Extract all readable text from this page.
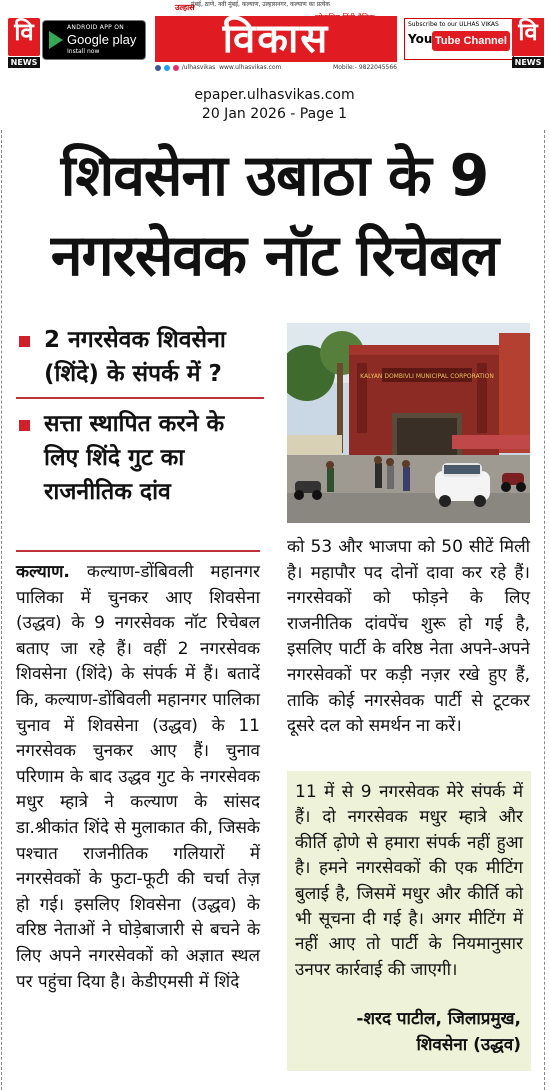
वि
NEWS
ANDROID APP ON
Google play
Install now
उल्हास
मुंबई, ठाणे, नवी मुंबई, कल्याण, उल्हासनगर, कल्याण का प्रत्येक
विकास
/ulhasvikas www.ulhasvikas.com	Mobile:- 9822045566
Subscribe to our ULHAS VIKAS
You Tube Channel वि
NEWS
epaper.ulhasvikas.com
20 Jan 2026 - Page 1
शिवसेना उबाठा के 9
नगरसेवक नॉट रिचेबल
2 नगरसेवक शिवसेना (शिंदे) के संपर्क में ?
सत्ता स्थापित करने के लिए शिंदे गुट का राजनीतिक दांव
KALYAN DOMBIVLI MUNICIPAL CORPORATION
कल्याण. कल्याण-डोंबिवली महानगर पालिका में चुनकर आए शिवसेना (उद्धव) के 9 नगरसेवक नॉट रिचेबल बताए जा रहे हैं। वहीं 2 नगरसेवक शिवसेना (शिंदे) के संपर्क में हैं। बतादें कि, कल्याण-डोंबिवली महानगर पालिका चुनाव में शिवसेना (उद्धव) के 11 नगरसेवक चुनकर आए हैं। चुनाव परिणाम के बाद उद्धव गुट के नगरसेवक मधुर म्हात्रे ने कल्याण के सांसद डा.श्रीकांत शिंदे से मुलाकात की, जिसके पश्चात राजनीतिक गलियारों में नगरसेवकों के फुटा-फूटी की चर्चा तेज़ हो गई। इसलिए शिवसेना (उद्धव) के वरिष्ठ नेताओं ने घोड़ेबाजारी से बचने के लिए अपने नगरसेवकों को अज्ञात स्थल पर पहुंचा दिया है। केडीएमसी में शिंदे
को 53 और भाजपा को 50 सीटें मिली है। महापौर पद दोनों दावा कर रहे हैं। नगरसेवकों को फोड़ने के लिए राजनीतिक दांवपेंच शुरू हो गई है, इसलिए पार्टी के वरिष्ठ नेता अपने-अपने नगरसेवकों पर कड़ी नज़र रखे हुए हैं, ताकि कोई नगरसेवक पार्टी से टूटकर दूसरे दल को समर्थन ना करें।
11 में से 9 नगरसेवक मेरे संपर्क में हैं। दो नगरसेवक मधुर म्हात्रे और कीर्ति ढ़ोणे से हमारा संपर्क नहीं हुआ है। हमने नगरसेवकों की एक मीटिंग बुलाई है, जिसमें मधुर और कीर्ति को भी सूचना दी गई है। अगर मीटिंग में नहीं आए तो पार्टी के नियमानुसार उनपर कार्रवाई की जाएगी।
-शरद पाटील, जिलाप्रमुख,
शिवसेना (उद्धव)
